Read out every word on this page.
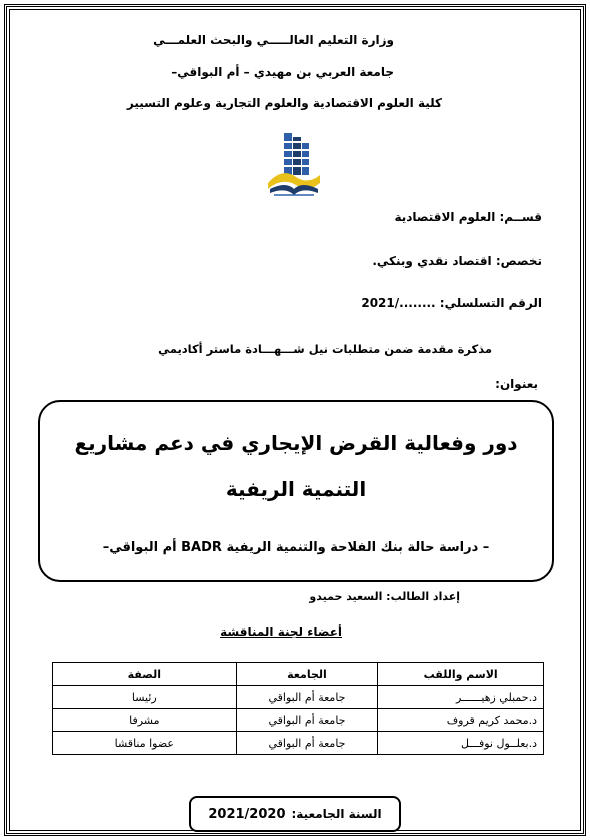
وزارة التعليم العالـــــي والبحث العلمـــي
جامعة العربي بن مهيدي – أم البواقي–
كلية العلوم الاقتصادية والعلوم التجارية وعلوم التسيير
قســم: العلوم الاقتصادية
تخصص: اقتصاد نقدي وبنكي.
الرقم التسلسلي: ......../2021
مذكرة مقدمة ضمن متطلبات نيل شـــهـــادة ماستر أكاديمي
بعنوان:
دور وفعالية القرض الإيجاري في دعم مشاريع التنمية الريفية
– دراسة حالة بنك الفلاحة والتنمية الريفية BADR أم البواقي–
إعداد الطالب: السعيد حميدو
أعضاء لجنة المناقشة
الاسم واللقب	الجامعة	الصفة
د.حمبلي زهيــــــر	جامعة أم البواقي	رئيسا
د.محمد كريم قروف	جامعة أم البواقي	مشرفا
د.بعلــول نوفـــل	جامعة أم البواقي	عضوا مناقشا
السنة الجامعية:
2021/2020
